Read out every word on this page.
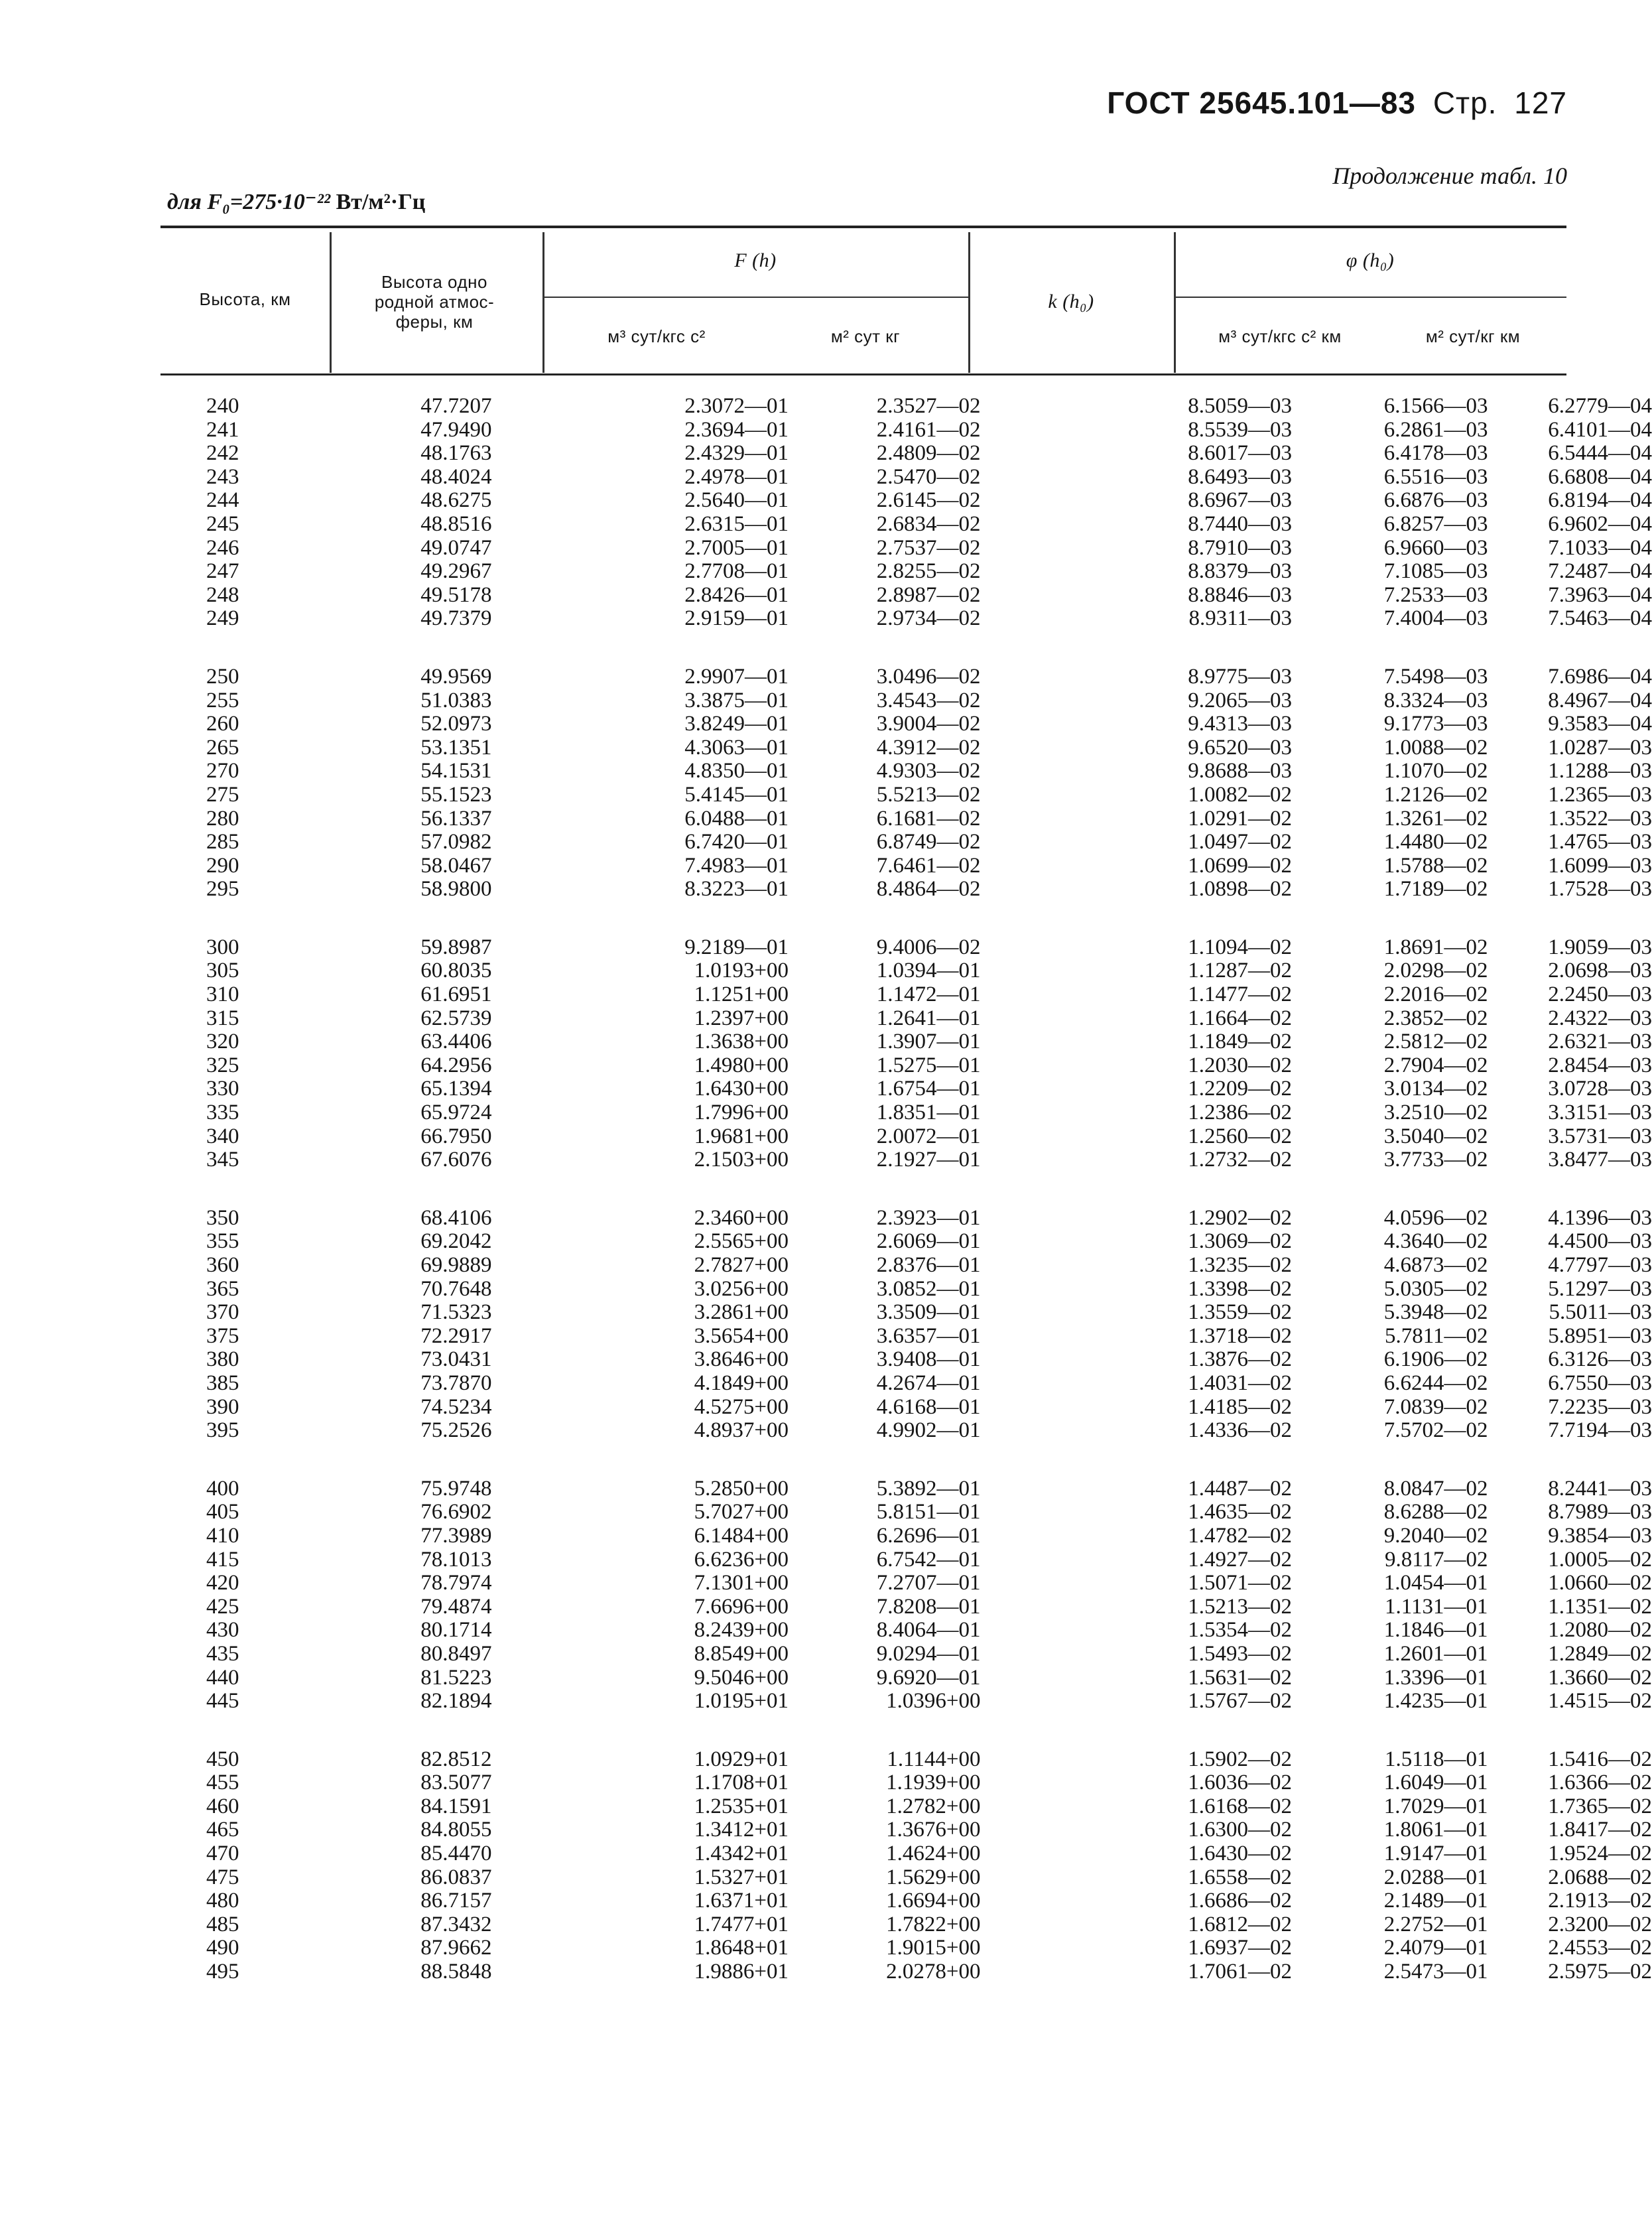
ГОСТ 25645.101—83 Стр. 127
Продолжение табл. 10
для F₀=275·10⁻²² Вт/м²·Гц
Высота, км
Высота одно родной атмос-феры, км
F (h)
м³ сут/кгс с²	м² сут кг
k (h₀)
φ (h₀)
м³ сут/кгс с² км	м² сут/кг км
240	47.7207	2.3072—01	2.3527—02	8.5059—03	6.1566—03	6.2779—04
241	47.9490	2.3694—01	2.4161—02	8.5539—03	6.2861—03	6.4101—04
242	48.1763	2.4329—01	2.4809—02	8.6017—03	6.4178—03	6.5444—04
243	48.4024	2.4978—01	2.5470—02	8.6493—03	6.5516—03	6.6808—04
244	48.6275	2.5640—01	2.6145—02	8.6967—03	6.6876—03	6.8194—04
245	48.8516	2.6315—01	2.6834—02	8.7440—03	6.8257—03	6.9602—04
246	49.0747	2.7005—01	2.7537—02	8.7910—03	6.9660—03	7.1033—04
247	49.2967	2.7708—01	2.8255—02	8.8379—03	7.1085—03	7.2487—04
248	49.5178	2.8426—01	2.8987—02	8.8846—03	7.2533—03	7.3963—04
249	49.7379	2.9159—01	2.9734—02	8.9311—03	7.4004—03	7.5463—04
250	49.9569	2.9907—01	3.0496—02	8.9775—03	7.5498—03	7.6986—04
255	51.0383	3.3875—01	3.4543—02	9.2065—03	8.3324—03	8.4967—04
260	52.0973	3.8249—01	3.9004—02	9.4313—03	9.1773—03	9.3583—04
265	53.1351	4.3063—01	4.3912—02	9.6520—03	1.0088—02	1.0287—03
270	54.1531	4.8350—01	4.9303—02	9.8688—03	1.1070—02	1.1288—03
275	55.1523	5.4145—01	5.5213—02	1.0082—02	1.2126—02	1.2365—03
280	56.1337	6.0488—01	6.1681—02	1.0291—02	1.3261—02	1.3522—03
285	57.0982	6.7420—01	6.8749—02	1.0497—02	1.4480—02	1.4765—03
290	58.0467	7.4983—01	7.6461—02	1.0699—02	1.5788—02	1.6099—03
295	58.9800	8.3223—01	8.4864—02	1.0898—02	1.7189—02	1.7528—03
300	59.8987	9.2189—01	9.4006—02	1.1094—02	1.8691—02	1.9059—03
305	60.8035	1.0193+00	1.0394—01	1.1287—02	2.0298—02	2.0698—03
310	61.6951	1.1251+00	1.1472—01	1.1477—02	2.2016—02	2.2450—03
315	62.5739	1.2397+00	1.2641—01	1.1664—02	2.3852—02	2.4322—03
320	63.4406	1.3638+00	1.3907—01	1.1849—02	2.5812—02	2.6321—03
325	64.2956	1.4980+00	1.5275—01	1.2030—02	2.7904—02	2.8454—03
330	65.1394	1.6430+00	1.6754—01	1.2209—02	3.0134—02	3.0728—03
335	65.9724	1.7996+00	1.8351—01	1.2386—02	3.2510—02	3.3151—03
340	66.7950	1.9681+00	2.0072—01	1.2560—02	3.5040—02	3.5731—03
345	67.6076	2.1503+00	2.1927—01	1.2732—02	3.7733—02	3.8477—03
350	68.4106	2.3460+00	2.3923—01	1.2902—02	4.0596—02	4.1396—03
355	69.2042	2.5565+00	2.6069—01	1.3069—02	4.3640—02	4.4500—03
360	69.9889	2.7827+00	2.8376—01	1.3235—02	4.6873—02	4.7797—03
365	70.7648	3.0256+00	3.0852—01	1.3398—02	5.0305—02	5.1297—03
370	71.5323	3.2861+00	3.3509—01	1.3559—02	5.3948—02	5.5011—03
375	72.2917	3.5654+00	3.6357—01	1.3718—02	5.7811—02	5.8951—03
380	73.0431	3.8646+00	3.9408—01	1.3876—02	6.1906—02	6.3126—03
385	73.7870	4.1849+00	4.2674—01	1.4031—02	6.6244—02	6.7550—03
390	74.5234	4.5275+00	4.6168—01	1.4185—02	7.0839—02	7.2235—03
395	75.2526	4.8937+00	4.9902—01	1.4336—02	7.5702—02	7.7194—03
400	75.9748	5.2850+00	5.3892—01	1.4487—02	8.0847—02	8.2441—03
405	76.6902	5.7027+00	5.8151—01	1.4635—02	8.6288—02	8.7989—03
410	77.3989	6.1484+00	6.2696—01	1.4782—02	9.2040—02	9.3854—03
415	78.1013	6.6236+00	6.7542—01	1.4927—02	9.8117—02	1.0005—02
420	78.7974	7.1301+00	7.2707—01	1.5071—02	1.0454—01	1.0660—02
425	79.4874	7.6696+00	7.8208—01	1.5213—02	1.1131—01	1.1351—02
430	80.1714	8.2439+00	8.4064—01	1.5354—02	1.1846—01	1.2080—02
435	80.8497	8.8549+00	9.0294—01	1.5493—02	1.2601—01	1.2849—02
440	81.5223	9.5046+00	9.6920—01	1.5631—02	1.3396—01	1.3660—02
445	82.1894	1.0195+01	1.0396+00	1.5767—02	1.4235—01	1.4515—02
450	82.8512	1.0929+01	1.1144+00	1.5902—02	1.5118—01	1.5416—02
455	83.5077	1.1708+01	1.1939+00	1.6036—02	1.6049—01	1.6366—02
460	84.1591	1.2535+01	1.2782+00	1.6168—02	1.7029—01	1.7365—02
465	84.8055	1.3412+01	1.3676+00	1.6300—02	1.8061—01	1.8417—02
470	85.4470	1.4342+01	1.4624+00	1.6430—02	1.9147—01	1.9524—02
475	86.0837	1.5327+01	1.5629+00	1.6558—02	2.0288—01	2.0688—02
480	86.7157	1.6371+01	1.6694+00	1.6686—02	2.1489—01	2.1913—02
485	87.3432	1.7477+01	1.7822+00	1.6812—02	2.2752—01	2.3200—02
490	87.9662	1.8648+01	1.9015+00	1.6937—02	2.4079—01	2.4553—02
495	88.5848	1.9886+01	2.0278+00	1.7061—02	2.5473—01	2.5975—02
